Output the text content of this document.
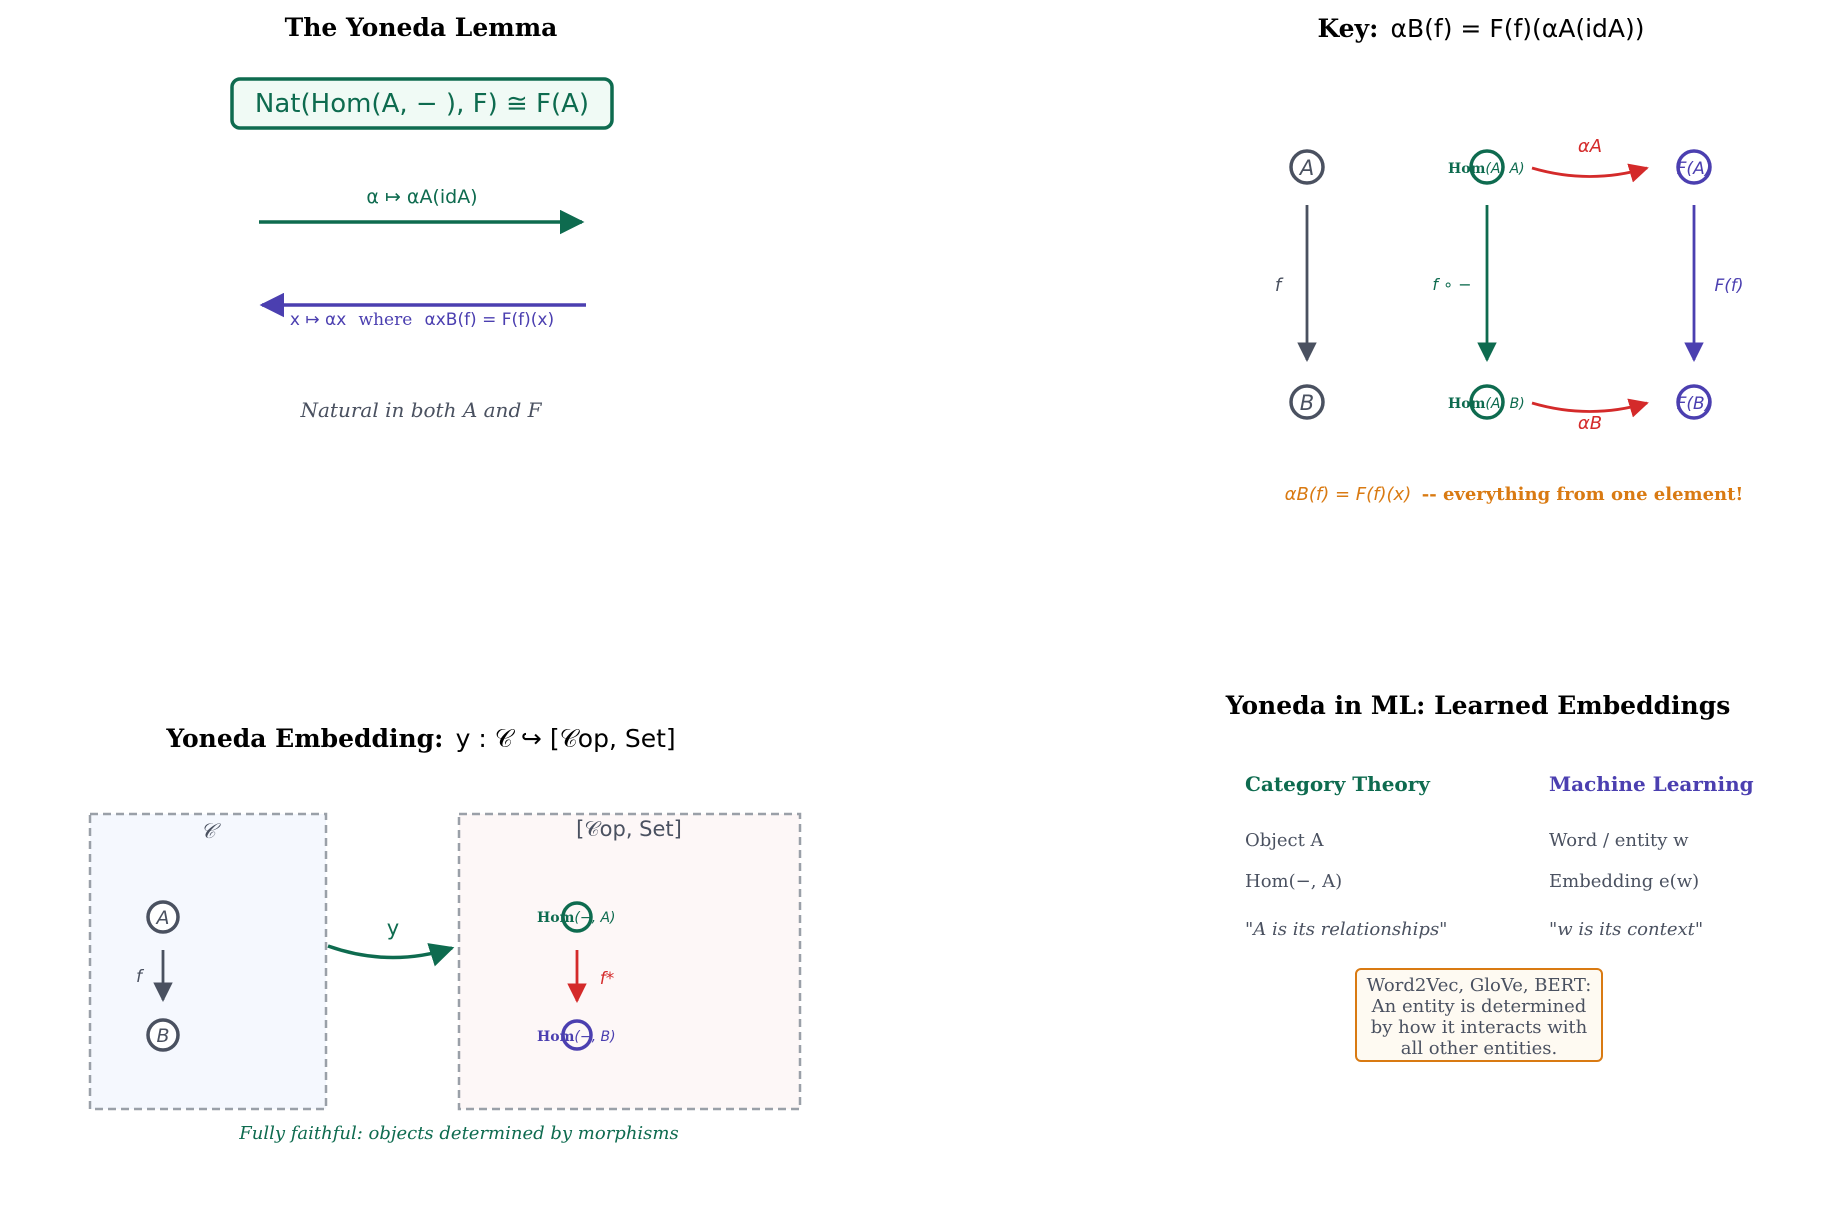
The Yoneda Lemma
Nat(Hom(A, − ), F) ≅ F(A)
α ↦ αA(idA)
x ↦ αx where αxB(f) = F(f)(x)
Natural in both A and F
Key: αB(f) = F(f)(αA(idA))
A
B
f
Hom(A, A)
Hom(A, B)
f ∘ −
F(A)
F(B)
F(f)
αA
αB
αB(f) = F(f)(x) -- everything from one element!
Yoneda Embedding: y : 𝒞 ↪ [𝒞op, Set]
𝒞	[𝒞op, Set]
A
B
f
y	Hom(−, A)
Hom(−, B)
f*
Fully faithful: objects determined by morphisms
Yoneda in ML: Learned Embeddings
Category Theory	Machine Learning
Object A	Word / entity w
Hom(−, A)	Embedding e(w)
"A is its relationships"	"w is its context"
Word2Vec, GloVe, BERT:
An entity is determined
by how it interacts with
all other entities.
